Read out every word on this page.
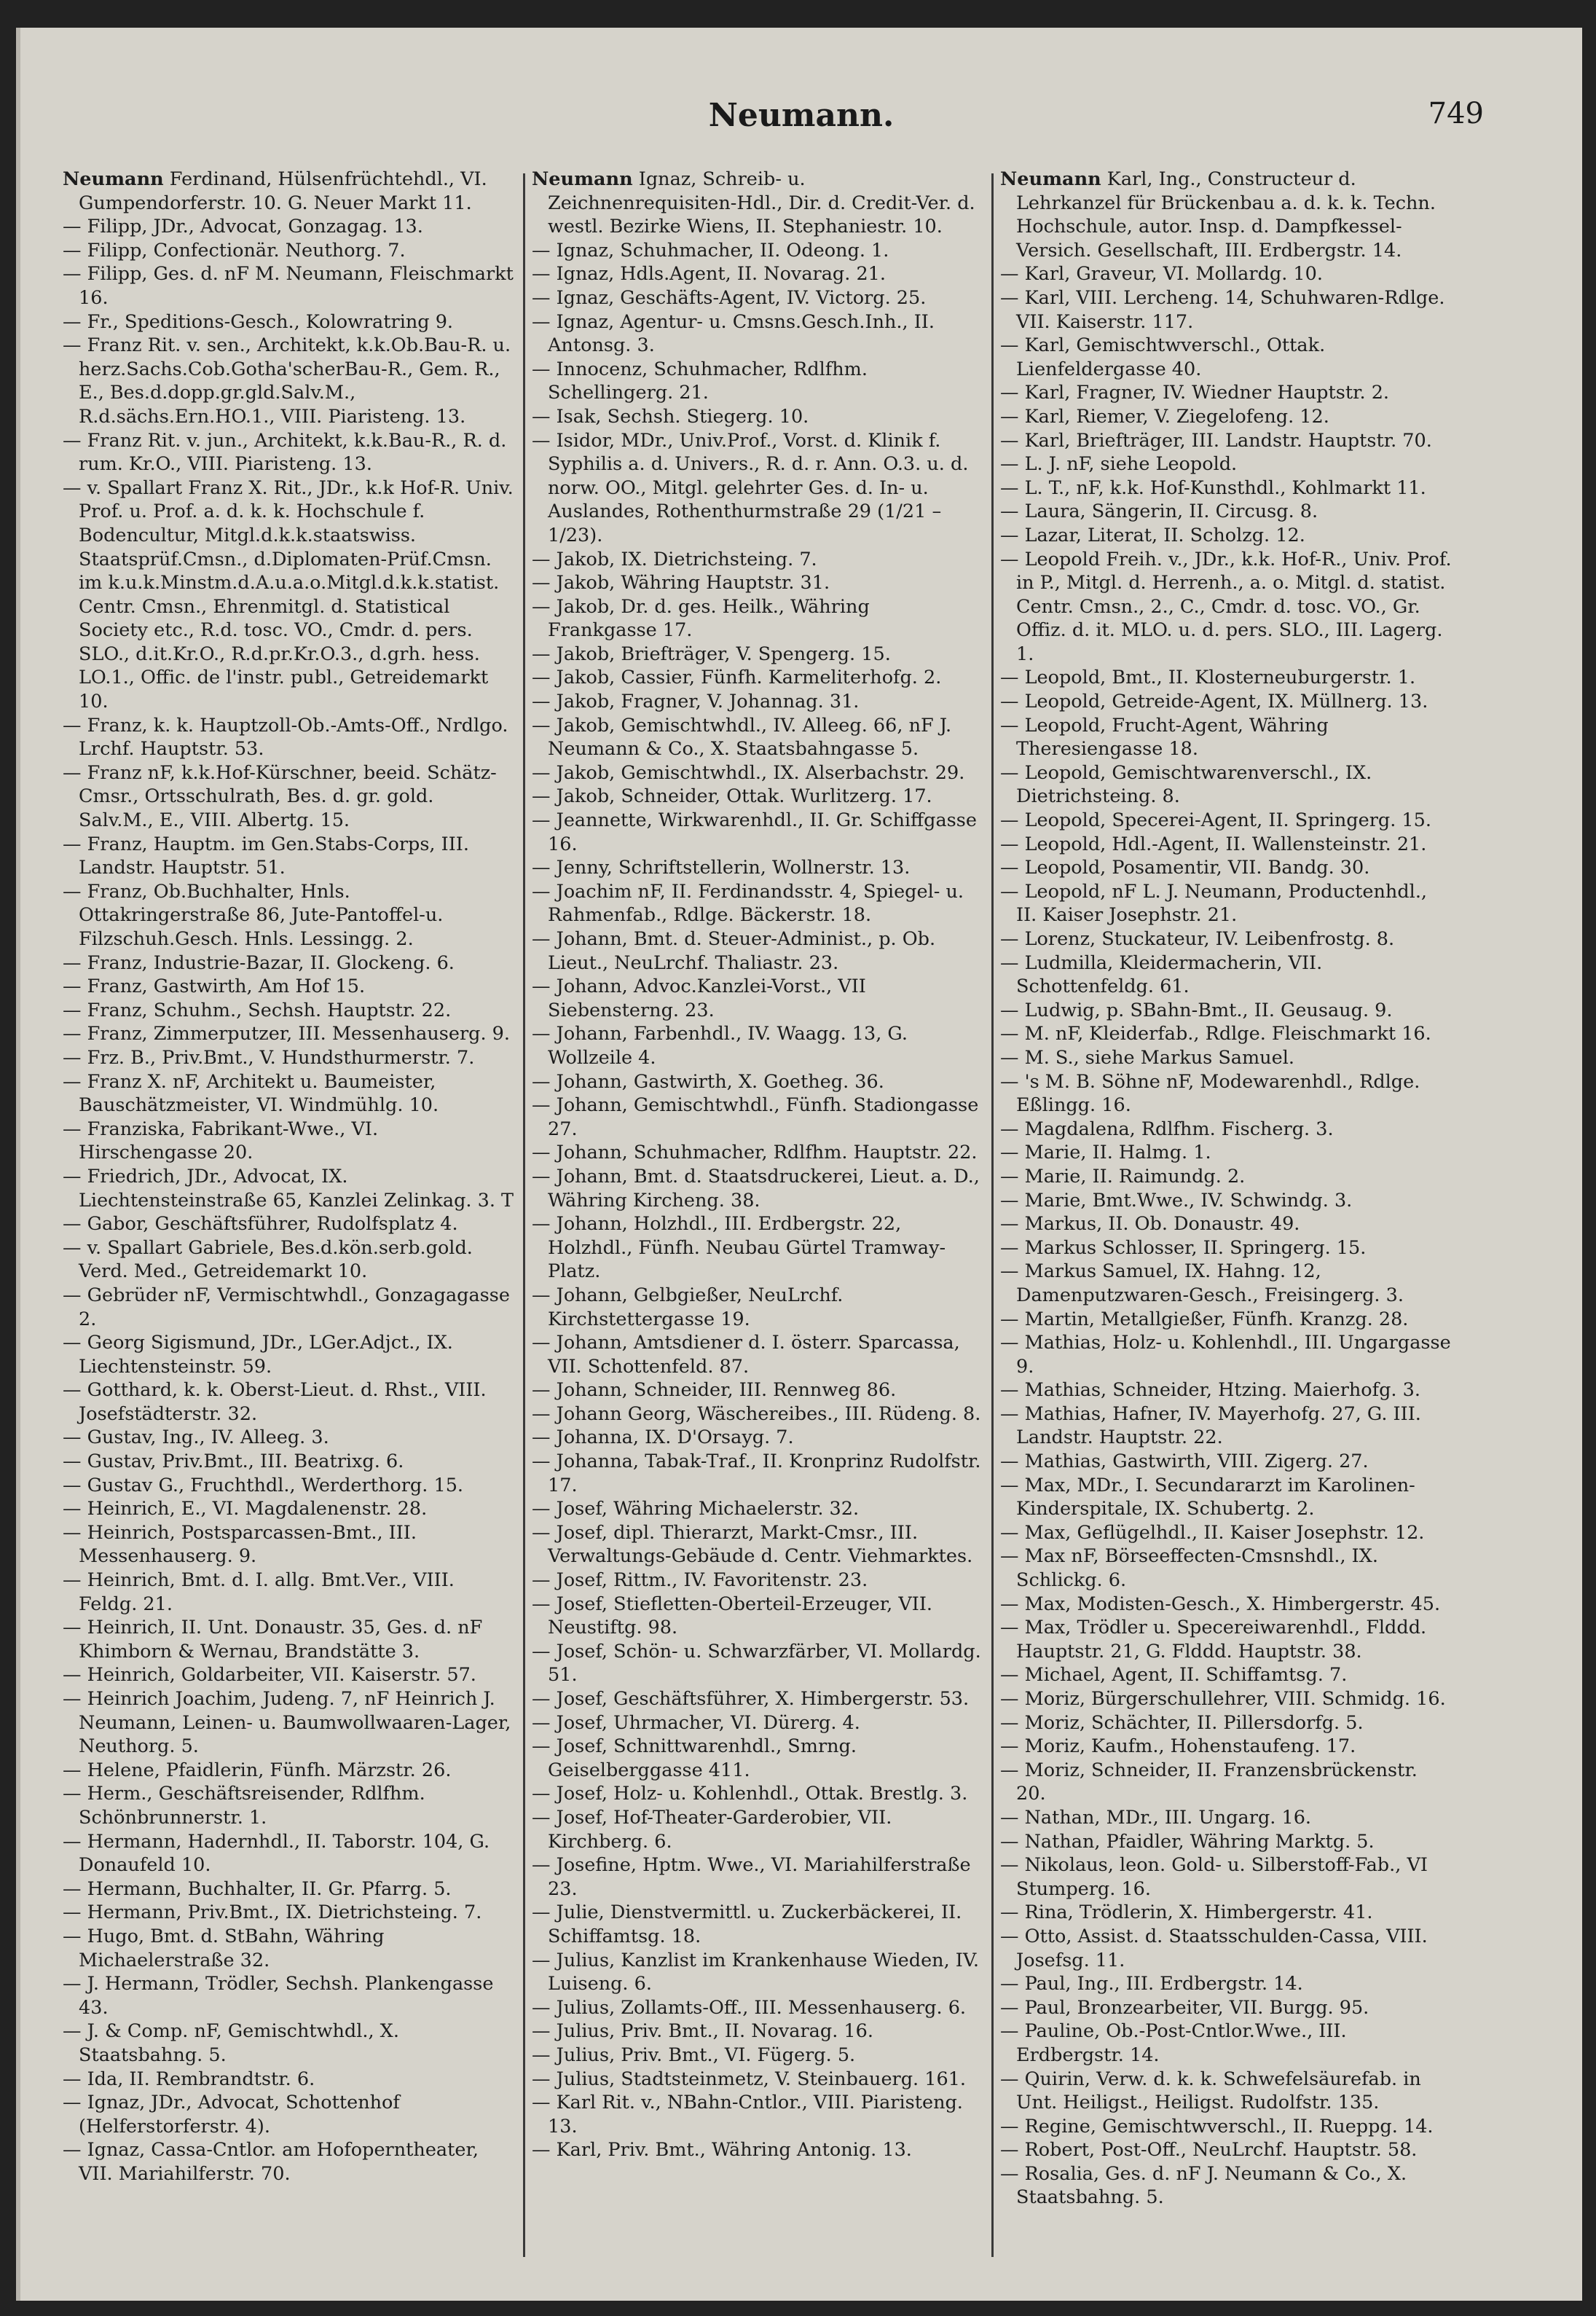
Neumann.	749

Neumann Ferdinand, Hülsenfrüchtehdl., VI. Gumpendorferstr. 10. G. Neuer Markt 11.

— Filipp, JDr., Advocat, Gonzagag. 13.

— Filipp, Confectionär. Neuthorg. 7.

— Filipp, Ges. d. nF M. Neumann, Fleischmarkt 16.

— Fr., Speditions-Gesch., Kolowratring 9.

— Franz Rit. v. sen., Architekt, k.k.Ob.Bau-R. u. herz.Sachs.Cob.Gotha'scherBau-R., Gem. R., E., Bes.d.dopp.gr.gld.Salv.M., R.d.sächs.Ern.HO.1., VIII. Piaristeng. 13.

— Franz Rit. v. jun., Architekt, k.k.Bau-R., R. d. rum. Kr.O., VIII. Piaristeng. 13.

— v. Spallart Franz X. Rit., JDr., k.k Hof-R. Univ. Prof. u. Prof. a. d. k. k. Hochschule f. Bodencultur, Mitgl.d.k.k.staatswiss. Staatsprüf.Cmsn., d.Diplomaten-Prüf.Cmsn. im k.u.k.Minstm.d.A.u.a.o.Mitgl.d.k.k.statist. Centr. Cmsn., Ehrenmitgl. d. Statistical Society etc., R.d. tosc. VO., Cmdr. d. pers. SLO., d.it.Kr.O., R.d.pr.Kr.O.3., d.grh. hess. LO.1., Offic. de l'instr. publ., Getreidemarkt 10.

— Franz, k. k. Hauptzoll-Ob.-Amts-Off., Nrdlgo. Lrchf. Hauptstr. 53.

— Franz nF, k.k.Hof-Kürschner, beeid. Schätz-Cmsr., Ortsschulrath, Bes. d. gr. gold. Salv.M., E., VIII. Albertg. 15.

— Franz, Hauptm. im Gen.Stabs-Corps, III. Landstr. Hauptstr. 51.

— Franz, Ob.Buchhalter, Hnls. Ottakringerstraße 86, Jute-Pantoffel-u. Filzschuh.Gesch. Hnls. Lessingg. 2.

— Franz, Industrie-Bazar, II. Glockeng. 6.

— Franz, Gastwirth, Am Hof 15.

— Franz, Schuhm., Sechsh. Hauptstr. 22.

— Franz, Zimmerputzer, III. Messenhauserg. 9.

— Frz. B., Priv.Bmt., V. Hundsthurmerstr. 7.

— Franz X. nF, Architekt u. Baumeister, Bauschätzmeister, VI. Windmühlg. 10.

— Franziska, Fabrikant-Wwe., VI. Hirschengasse 20.

— Friedrich, JDr., Advocat, IX. Liechtensteinstraße 65, Kanzlei Zelinkag. 3. T

— Gabor, Geschäftsführer, Rudolfsplatz 4.

— v. Spallart Gabriele, Bes.d.kön.serb.gold. Verd. Med., Getreidemarkt 10.

— Gebrüder nF, Vermischtwhdl., Gonzagagasse 2.

— Georg Sigismund, JDr., LGer.Adjct., IX. Liechtensteinstr. 59.

— Gotthard, k. k. Oberst-Lieut. d. Rhst., VIII. Josefstädterstr. 32.

— Gustav, Ing., IV. Alleeg. 3.

— Gustav, Priv.Bmt., III. Beatrixg. 6.

— Gustav G., Fruchthdl., Werderthorg. 15.

— Heinrich, E., VI. Magdalenenstr. 28.

— Heinrich, Postsparcassen-Bmt., III. Messenhauserg. 9.

— Heinrich, Bmt. d. I. allg. Bmt.Ver., VIII. Feldg. 21.

— Heinrich, II. Unt. Donaustr. 35, Ges. d. nF Khimborn & Wernau, Brandstätte 3.

— Heinrich, Goldarbeiter, VII. Kaiserstr. 57.

— Heinrich Joachim, Judeng. 7, nF Heinrich J. Neumann, Leinen- u. Baumwollwaaren-Lager, Neuthorg. 5.

— Helene, Pfaidlerin, Fünfh. Märzstr. 26.

— Herm., Geschäftsreisender, Rdlfhm. Schönbrunnerstr. 1.

— Hermann, Hadernhdl., II. Taborstr. 104, G. Donaufeld 10.

— Hermann, Buchhalter, II. Gr. Pfarrg. 5.

— Hermann, Priv.Bmt., IX. Dietrichsteing. 7.

— Hugo, Bmt. d. StBahn, Währing Michaelerstraße 32.

— J. Hermann, Trödler, Sechsh. Plankengasse 43.

— J. & Comp. nF, Gemischtwhdl., X. Staatsbahng. 5.

— Ida, II. Rembrandtstr. 6.

— Ignaz, JDr., Advocat, Schottenhof (Helferstorferstr. 4).

— Ignaz, Cassa-Cntlor. am Hofoperntheater, VII. Mariahilferstr. 70.

Neumann Ignaz, Schreib- u. Zeichnenrequisiten-Hdl., Dir. d. Credit-Ver. d. westl. Bezirke Wiens, II. Stephaniestr. 10.

— Ignaz, Schuhmacher, II. Odeong. 1.

— Ignaz, Hdls.Agent, II. Novarag. 21.

— Ignaz, Geschäfts-Agent, IV. Victorg. 25.

— Ignaz, Agentur- u. Cmsns.Gesch.Inh., II. Antonsg. 3.

— Innocenz, Schuhmacher, Rdlfhm. Schellingerg. 21.

— Isak, Sechsh. Stiegerg. 10.

— Isidor, MDr., Univ.Prof., Vorst. d. Klinik f. Syphilis a. d. Univers., R. d. r. Ann. O.3. u. d. norw. OO., Mitgl. gelehrter Ges. d. In- u. Auslandes, Rothenthurmstraße 29 (1/21 – 1/23).

— Jakob, IX. Dietrichsteing. 7.

— Jakob, Währing Hauptstr. 31.

— Jakob, Dr. d. ges. Heilk., Währing Frankgasse 17.

— Jakob, Briefträger, V. Spengerg. 15.

— Jakob, Cassier, Fünfh. Karmeliterhofg. 2.

— Jakob, Fragner, V. Johannag. 31.

— Jakob, Gemischtwhdl., IV. Alleeg. 66, nF J. Neumann & Co., X. Staatsbahngasse 5.

— Jakob, Gemischtwhdl., IX. Alserbachstr. 29.

— Jakob, Schneider, Ottak. Wurlitzerg. 17.

— Jeannette, Wirkwarenhdl., II. Gr. Schiffgasse 16.

— Jenny, Schriftstellerin, Wollnerstr. 13.

— Joachim nF, II. Ferdinandsstr. 4, Spiegel- u. Rahmenfab., Rdlge. Bäckerstr. 18.

— Johann, Bmt. d. Steuer-Administ., p. Ob. Lieut., NeuLrchf. Thaliastr. 23.

— Johann, Advoc.Kanzlei-Vorst., VII Siebensterng. 23.

— Johann, Farbenhdl., IV. Waagg. 13, G. Wollzeile 4.

— Johann, Gastwirth, X. Goetheg. 36.

— Johann, Gemischtwhdl., Fünfh. Stadiongasse 27.

— Johann, Schuhmacher, Rdlfhm. Hauptstr. 22.

— Johann, Bmt. d. Staatsdruckerei, Lieut. a. D., Währing Kircheng. 38.

— Johann, Holzhdl., III. Erdbergstr. 22, Holzhdl., Fünfh. Neubau Gürtel Tramway-Platz.

— Johann, Gelbgießer, NeuLrchf. Kirchstettergasse 19.

— Johann, Amtsdiener d. I. österr. Sparcassa, VII. Schottenfeld. 87.

— Johann, Schneider, III. Rennweg 86.

— Johann Georg, Wäschereibes., III. Rüdeng. 8.

— Johanna, IX. D'Orsayg. 7.

— Johanna, Tabak-Traf., II. Kronprinz Rudolfstr. 17.

— Josef, Währing Michaelerstr. 32.

— Josef, dipl. Thierarzt, Markt-Cmsr., III. Verwaltungs-Gebäude d. Centr. Viehmarktes.

— Josef, Rittm., IV. Favoritenstr. 23.

— Josef, Stiefletten-Oberteil-Erzeuger, VII. Neustiftg. 98.

— Josef, Schön- u. Schwarzfärber, VI. Mollardg. 51.

— Josef, Geschäftsführer, X. Himbergerstr. 53.

— Josef, Uhrmacher, VI. Dürerg. 4.

— Josef, Schnittwarenhdl., Smrng. Geiselberggasse 411.

— Josef, Holz- u. Kohlenhdl., Ottak. Brestlg. 3.

— Josef, Hof-Theater-Garderobier, VII. Kirchberg. 6.

— Josefine, Hptm. Wwe., VI. Mariahilferstraße 23.

— Julie, Dienstvermittl. u. Zuckerbäckerei, II. Schiffamtsg. 18.

— Julius, Kanzlist im Krankenhause Wieden, IV. Luiseng. 6.

— Julius, Zollamts-Off., III. Messenhauserg. 6.

— Julius, Priv. Bmt., II. Novarag. 16.

— Julius, Priv. Bmt., VI. Fügerg. 5.

— Julius, Stadtsteinmetz, V. Steinbauerg. 161.

— Karl Rit. v., NBahn-Cntlor., VIII. Piaristeng. 13.

— Karl, Priv. Bmt., Währing Antonig. 13.

Neumann Karl, Ing., Constructeur d. Lehrkanzel für Brückenbau a. d. k. k. Techn. Hochschule, autor. Insp. d. Dampfkessel-Versich. Gesellschaft, III. Erdbergstr. 14.

— Karl, Graveur, VI. Mollardg. 10.

— Karl, VIII. Lercheng. 14, Schuhwaren-Rdlge. VII. Kaiserstr. 117.

— Karl, Gemischtwverschl., Ottak. Lienfeldergasse 40.

— Karl, Fragner, IV. Wiedner Hauptstr. 2.

— Karl, Riemer, V. Ziegelofeng. 12.

— Karl, Briefträger, III. Landstr. Hauptstr. 70.

— L. J. nF, siehe Leopold.

— L. T., nF, k.k. Hof-Kunsthdl., Kohlmarkt 11.

— Laura, Sängerin, II. Circusg. 8.

— Lazar, Literat, II. Scholzg. 12.

— Leopold Freih. v., JDr., k.k. Hof-R., Univ. Prof. in P., Mitgl. d. Herrenh., a. o. Mitgl. d. statist. Centr. Cmsn., 2., C., Cmdr. d. tosc. VO., Gr. Offiz. d. it. MLO. u. d. pers. SLO., III. Lagerg. 1.

— Leopold, Bmt., II. Klosterneuburgerstr. 1.

— Leopold, Getreide-Agent, IX. Müllnerg. 13.

— Leopold, Frucht-Agent, Währing Theresiengasse 18.

— Leopold, Gemischtwarenverschl., IX. Dietrichsteing. 8.

— Leopold, Specerei-Agent, II. Springerg. 15.

— Leopold, Hdl.-Agent, II. Wallensteinstr. 21.

— Leopold, Posamentir, VII. Bandg. 30.

— Leopold, nF L. J. Neumann, Productenhdl., II. Kaiser Josephstr. 21.

— Lorenz, Stuckateur, IV. Leibenfrostg. 8.

— Ludmilla, Kleidermacherin, VII. Schottenfeldg. 61.

— Ludwig, p. SBahn-Bmt., II. Geusaug. 9.

— M. nF, Kleiderfab., Rdlge. Fleischmarkt 16.

— M. S., siehe Markus Samuel.

— 's M. B. Söhne nF, Modewarenhdl., Rdlge. Eßlingg. 16.

— Magdalena, Rdlfhm. Fischerg. 3.

— Marie, II. Halmg. 1.

— Marie, II. Raimundg. 2.

— Marie, Bmt.Wwe., IV. Schwindg. 3.

— Markus, II. Ob. Donaustr. 49.

— Markus Schlosser, II. Springerg. 15.

— Markus Samuel, IX. Hahng. 12, Damenputzwaren-Gesch., Freisingerg. 3.

— Martin, Metallgießer, Fünfh. Kranzg. 28.

— Mathias, Holz- u. Kohlenhdl., III. Ungargasse 9.

— Mathias, Schneider, Htzing. Maierhofg. 3.

— Mathias, Hafner, IV. Mayerhofg. 27, G. III. Landstr. Hauptstr. 22.

— Mathias, Gastwirth, VIII. Zigerg. 27.

— Max, MDr., I. Secundararzt im Karolinen-Kinderspitale, IX. Schubertg. 2.

— Max, Geflügelhdl., II. Kaiser Josephstr. 12.

— Max nF, Börseeffecten-Cmsnshdl., IX. Schlickg. 6.

— Max, Modisten-Gesch., X. Himbergerstr. 45.

— Max, Trödler u. Specereiwarenhdl., Flddd. Hauptstr. 21, G. Flddd. Hauptstr. 38.

— Michael, Agent, II. Schiffamtsg. 7.

— Moriz, Bürgerschullehrer, VIII. Schmidg. 16.

— Moriz, Schächter, II. Pillersdorfg. 5.

— Moriz, Kaufm., Hohenstaufeng. 17.

— Moriz, Schneider, II. Franzensbrückenstr. 20.

— Nathan, MDr., III. Ungarg. 16.

— Nathan, Pfaidler, Währing Marktg. 5.

— Nikolaus, leon. Gold- u. Silberstoff-Fab., VI Stumperg. 16.

— Rina, Trödlerin, X. Himbergerstr. 41.

— Otto, Assist. d. Staatsschulden-Cassa, VIII. Josefsg. 11.

— Paul, Ing., III. Erdbergstr. 14.

— Paul, Bronzearbeiter, VII. Burgg. 95.

— Pauline, Ob.-Post-Cntlor.Wwe., III. Erdbergstr. 14.

— Quirin, Verw. d. k. k. Schwefelsäurefab. in Unt. Heiligst., Heiligst. Rudolfstr. 135.

— Regine, Gemischtwverschl., II. Rueppg. 14.

— Robert, Post-Off., NeuLrchf. Hauptstr. 58.

— Rosalia, Ges. d. nF J. Neumann & Co., X. Staatsbahng. 5.
